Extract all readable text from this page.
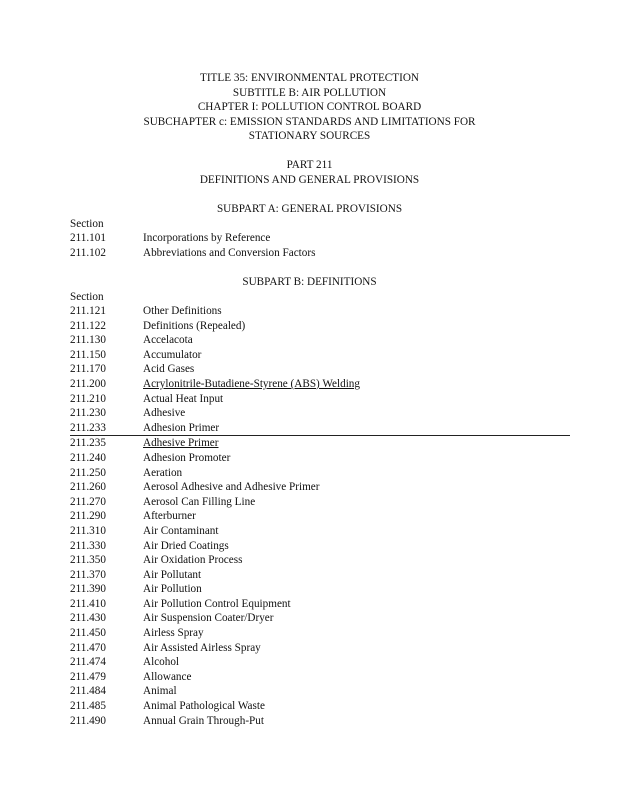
TITLE 35: ENVIRONMENTAL PROTECTION
SUBTITLE B: AIR POLLUTION
CHAPTER I: POLLUTION CONTROL BOARD
SUBCHAPTER c: EMISSION STANDARDS AND LIMITATIONS FOR
STATIONARY SOURCES
PART 211
DEFINITIONS AND GENERAL PROVISIONS
SUBPART A: GENERAL PROVISIONS
Section
211.101	Incorporations by Reference
211.102	Abbreviations and Conversion Factors
SUBPART B: DEFINITIONS
Section
211.121	Other Definitions
211.122	Definitions (Repealed)
211.130	Accelacota
211.150	Accumulator
211.170	Acid Gases
211.200	Acrylonitrile-Butadiene-Styrene (ABS) Welding
211.210	Actual Heat Input
211.230	Adhesive
211.233	Adhesion Primer
211.235	Adhesive Primer
211.240	Adhesion Promoter
211.250	Aeration
211.260	Aerosol Adhesive and Adhesive Primer
211.270	Aerosol Can Filling Line
211.290	Afterburner
211.310	Air Contaminant
211.330	Air Dried Coatings
211.350	Air Oxidation Process
211.370	Air Pollutant
211.390	Air Pollution
211.410	Air Pollution Control Equipment
211.430	Air Suspension Coater/Dryer
211.450	Airless Spray
211.470	Air Assisted Airless Spray
211.474	Alcohol
211.479	Allowance
211.484	Animal
211.485	Animal Pathological Waste
211.490	Annual Grain Through-Put
